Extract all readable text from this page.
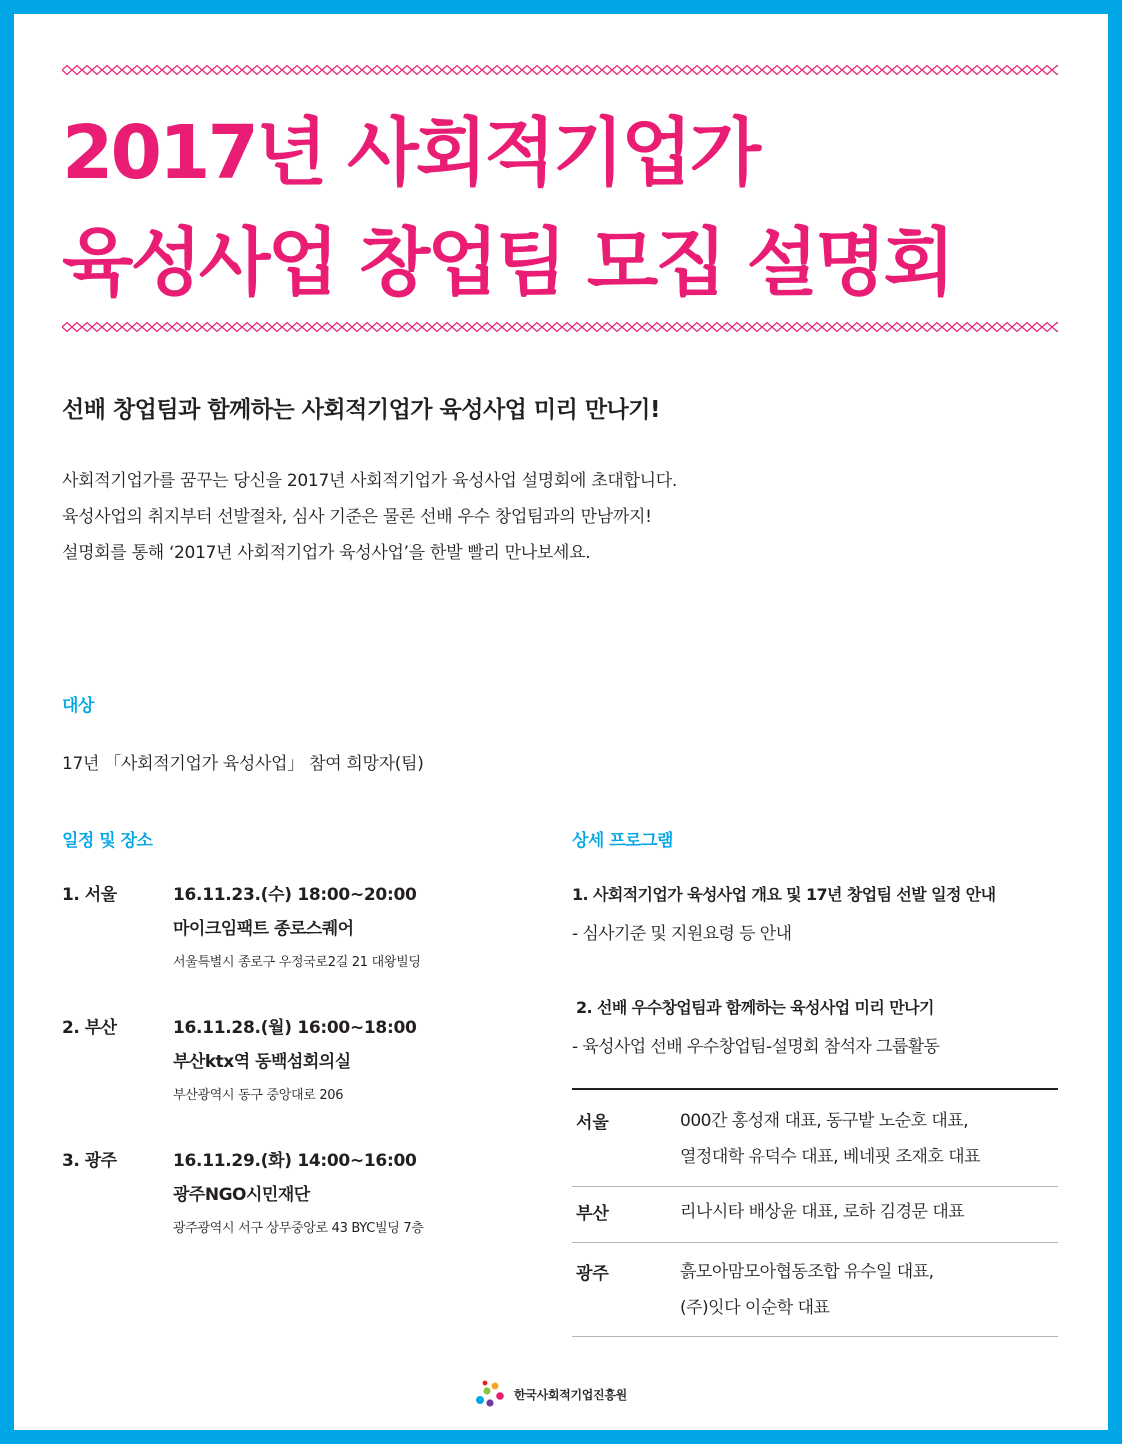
2017년 사회적기업가
육성사업 창업팀 모집 설명회
선배 창업팀과 함께하는 사회적기업가 육성사업 미리 만나기!
사회적기업가를 꿈꾸는 당신을 2017년 사회적기업가 육성사업 설명회에 초대합니다.
육성사업의 취지부터 선발절차, 심사 기준은 물론 선배 우수 창업팀과의 만남까지!
설명회를 통해 ‘2017년 사회적기업가 육성사업’을 한발 빨리 만나보세요.
대상
17년 「사회적기업가 육성사업」 참여 희망자(팀)
일정 및 장소
1. 서울	16.11.23.(수) 18:00~20:00
마이크임팩트 종로스퀘어
서울특별시 종로구 우정국로2길 21 대왕빌딩
2. 부산	16.11.28.(월) 16:00~18:00
부산ktx역 동백섬회의실
부산광역시 동구 중앙대로 206
3. 광주	16.11.29.(화) 14:00~16:00
광주NGO시민재단
광주광역시 서구 상무중앙로 43 BYC빌딩 7층
상세 프로그램
1. 사회적기업가 육성사업 개요 및 17년 창업팀 선발 일정 안내
- 심사기준 및 지원요령 등 안내
2. 선배 우수창업팀과 함께하는 육성사업 미리 만나기
- 육성사업 선배 우수창업팀-설명회 참석자 그룹활동
서울	000간 홍성재 대표, 동구밭 노순호 대표,
열정대학 유덕수 대표, 베네핏 조재호 대표
부산	리나시타 배상윤 대표, 로하 김경문 대표
광주	흙모아맘모아협동조합 유수일 대표,
(주)잇다 이순학 대표
한국사회적기업진흥원
